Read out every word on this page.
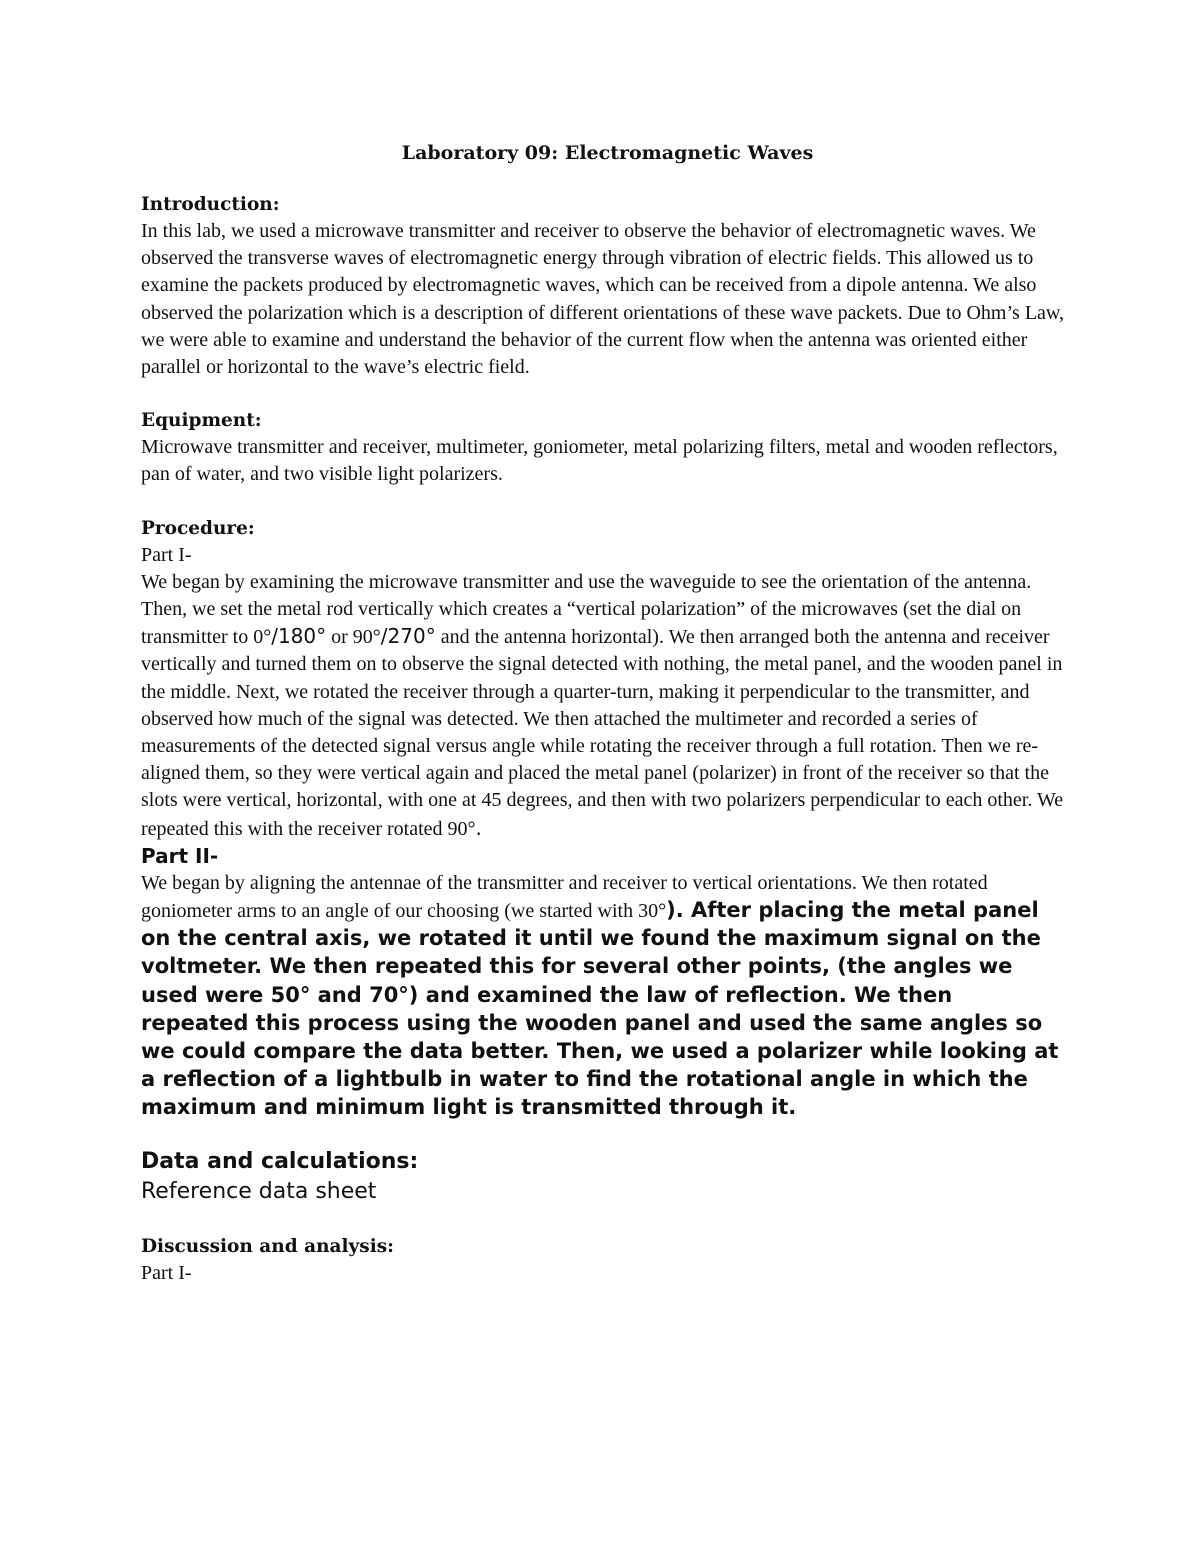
Laboratory 09: Electromagnetic Waves
Introduction:

In this lab, we used a microwave transmitter and receiver to observe the behavior of electromagnetic waves. We observed the transverse waves of electromagnetic energy through vibration of electric fields. This allowed us to examine the packets produced by electromagnetic waves, which can be received from a dipole antenna. We also observed the polarization which is a description of different orientations of these wave packets. Due to Ohm’s Law, we were able to examine and understand the behavior of the current flow when the antenna was oriented either parallel or horizontal to the wave’s electric field.

Equipment:

Microwave transmitter and receiver, multimeter, goniometer, metal polarizing filters, metal and wooden reflectors, pan of water, and two visible light polarizers.

Procedure:
Part I-

We began by examining the microwave transmitter and use the waveguide to see the orientation of the antenna. Then, we set the metal rod vertically which creates a “vertical polarization” of the microwaves (set the dial on transmitter to 0°/180° or 90°/270° and the antenna horizontal). We then arranged both the antenna and receiver vertically and turned them on to observe the signal detected with nothing, the metal panel, and the wooden panel in the middle. Next, we rotated the receiver through a quarter-turn, making it perpendicular to the transmitter, and observed how much of the signal was detected. We then attached the multimeter and recorded a series of measurements of the detected signal versus angle while rotating the receiver through a full rotation. Then we re-aligned them, so they were vertical again and placed the metal panel (polarizer) in front of the receiver so that the slots were vertical, horizontal, with one at 45 degrees, and then with two polarizers perpendicular to each other. We repeated this with the receiver rotated 90°.

Part II-

We began by aligning the antennae of the transmitter and receiver to vertical orientations. We then rotated goniometer arms to an angle of our choosing (we started with 30°). After placing the metal panel on the central axis, we rotated it until we found the maximum signal on the voltmeter. We then repeated this for several other points, (the angles we used were 50° and 70°) and examined the law of reflection. We then repeated this process using the wooden panel and used the same angles so we could compare the data better. Then, we used a polarizer while looking at a reflection of a lightbulb in water to find the rotational angle in which the maximum and minimum light is transmitted through it.

Data and calculations:
Reference data sheet
Discussion and analysis:
Part I-
